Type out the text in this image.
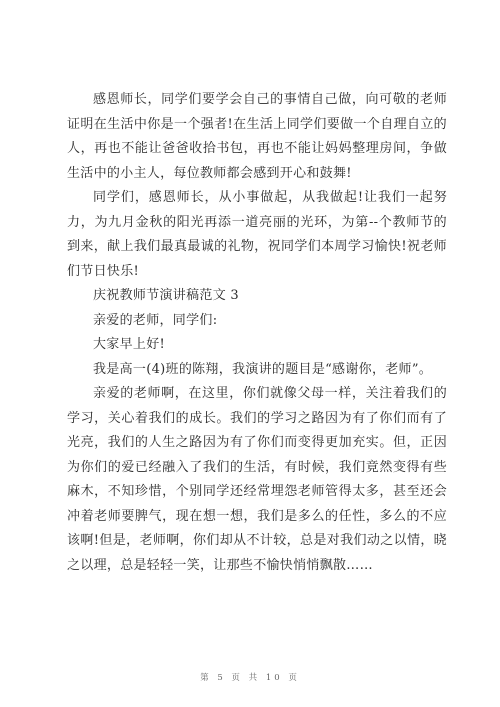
感恩师长，同学们要学会自己的事情自己做，向可敬的老师证明在生活中你是一个强者!在生活上同学们要做一个自理自立的人，再也不能让爸爸收拾书包，再也不能让妈妈整理房间，争做生活中的小主人，每位教师都会感到开心和鼓舞!

同学们，感恩师长，从小事做起，从我做起!让我们一起努力，为九月金秋的阳光再添一道亮丽的光环，为第--个教师节的到来，献上我们最真最诚的礼物，祝同学们本周学习愉快!祝老师们节日快乐!

庆祝教师节演讲稿范文 3

亲爱的老师，同学们:

大家早上好!

我是高一(4)班的陈翔，我演讲的题目是“感谢你，老师”。

亲爱的老师啊，在这里，你们就像父母一样，关注着我们的学习，关心着我们的成长。我们的学习之路因为有了你们而有了光亮，我们的人生之路因为有了你们而变得更加充实。但，正因为你们的爱已经融入了我们的生活，有时候，我们竟然变得有些麻木，不知珍惜，个别同学还经常埋怨老师管得太多，甚至还会冲着老师要脾气，现在想一想，我们是多么的任性，多么的不应该啊!但是，老师啊，你们却从不计较，总是对我们动之以情，晓之以理，总是轻轻一笑，让那些不愉快悄悄飘散……

第 5 页 共 10 页
